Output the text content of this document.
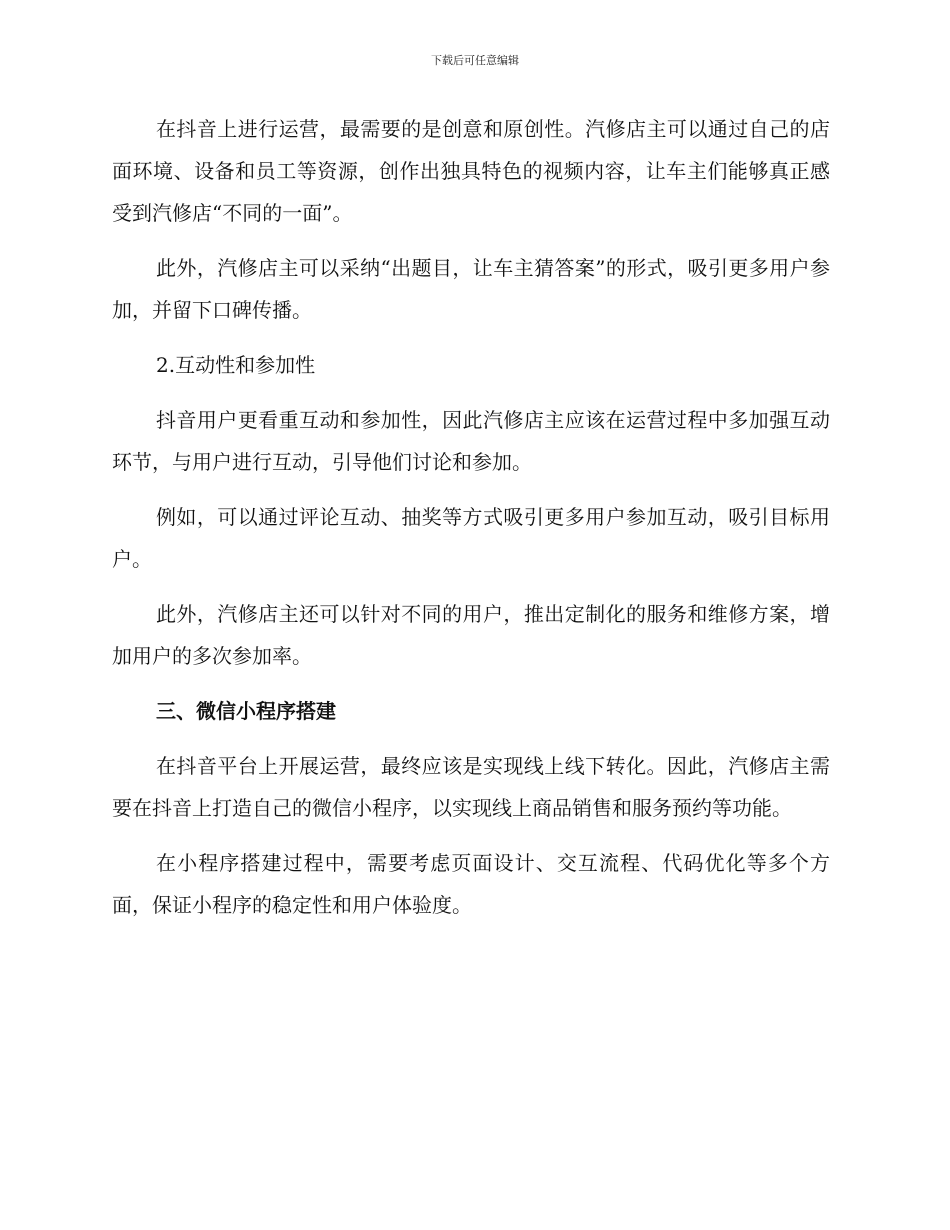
下载后可任意编辑

在抖音上进行运营，最需要的是创意和原创性。汽修店主可以通过自己的店面环境、设备和员工等资源，创作出独具特色的视频内容，让车主们能够真正感受到汽修店“不同的一面”。

此外，汽修店主可以采纳“出题目，让车主猜答案”的形式，吸引更多用户参加，并留下口碑传播。

2.互动性和参加性

抖音用户更看重互动和参加性，因此汽修店主应该在运营过程中多加强互动环节，与用户进行互动，引导他们讨论和参加。

例如，可以通过评论互动、抽奖等方式吸引更多用户参加互动，吸引目标用户。

此外，汽修店主还可以针对不同的用户，推出定制化的服务和维修方案，增加用户的多次参加率。

三、微信小程序搭建

在抖音平台上开展运营，最终应该是实现线上线下转化。因此，汽修店主需要在抖音上打造自己的微信小程序，以实现线上商品销售和服务预约等功能。

在小程序搭建过程中，需要考虑页面设计、交互流程、代码优化等多个方面，保证小程序的稳定性和用户体验度。
